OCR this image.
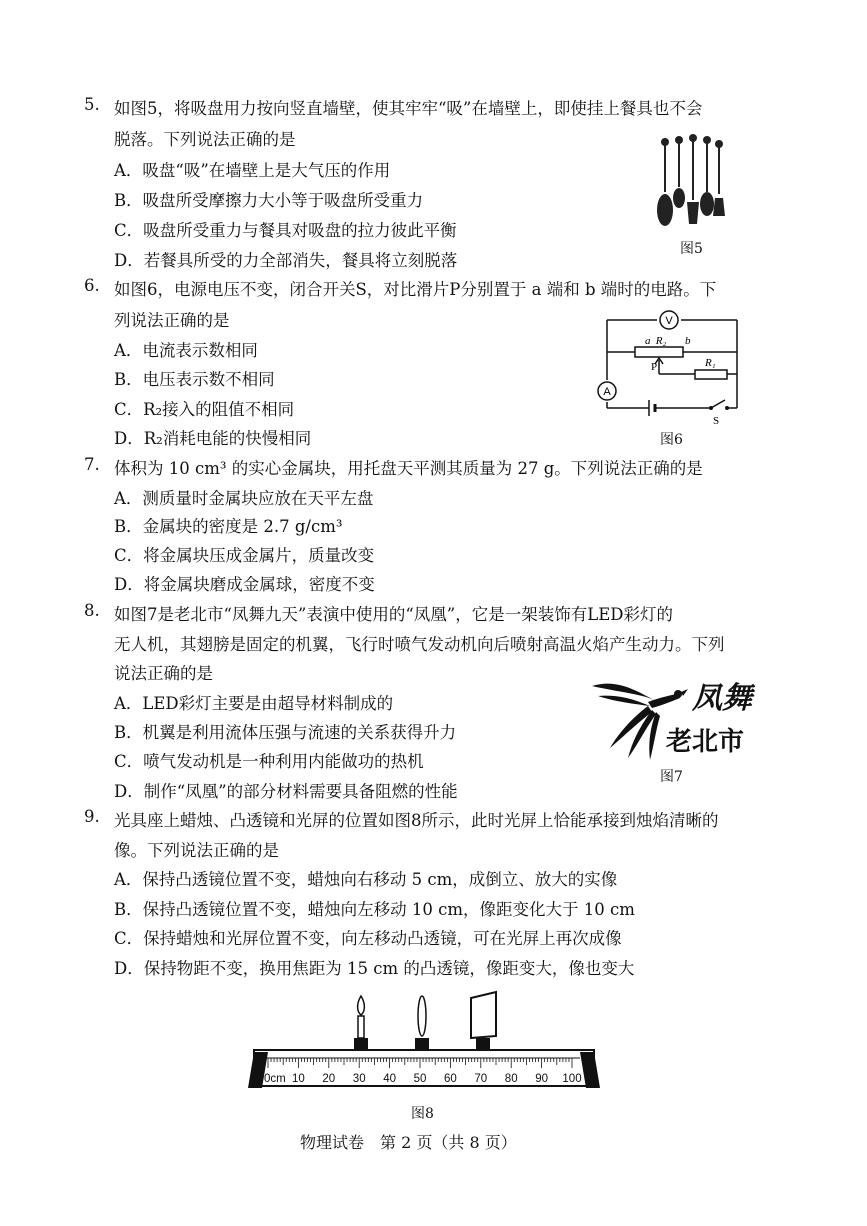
5. 如图5，将吸盘用力按向竖直墙壁，使其牢牢“吸”在墙壁上，即使挂上餐具也不会
脱落。下列说法正确的是
A．吸盘“吸”在墙壁上是大气压的作用
B．吸盘所受摩擦力大小等于吸盘所受重力
C．吸盘所受重力与餐具对吸盘的拉力彼此平衡
D．若餐具所受的力全部消失，餐具将立刻脱落
图5
6. 如图6，电源电压不变，闭合开关S，对比滑片P分别置于 a 端和 b 端时的电路。下
列说法正确的是
A．电流表示数相同
B．电压表示数不相同
C．R₂接入的阻值不相同
D．R₂消耗电能的快慢相同
V
A
R₂
a	b
P	R₁
S
图6
7. 体积为 10 cm³ 的实心金属块，用托盘天平测其质量为 27 g。下列说法正确的是
A．测质量时金属块应放在天平左盘
B．金属块的密度是 2.7 g/cm³
C．将金属块压成金属片，质量改变
D．将金属块磨成金属球，密度不变
8. 如图7是老北市“凤舞九天”表演中使用的“凤凰”，它是一架装饰有LED彩灯的
无人机，其翅膀是固定的机翼，飞行时喷气发动机向后喷射高温火焰产生动力。下列
说法正确的是
A．LED彩灯主要是由超导材料制成的
B．机翼是利用流体压强与流速的关系获得升力
C．喷气发动机是一种利用内能做功的热机
D．制作“凤凰”的部分材料需要具备阻燃的性能
凤舞
老北市
图7
9. 光具座上蜡烛、凸透镜和光屏的位置如图8所示，此时光屏上恰能承接到烛焰清晰的
像。下列说法正确的是
A．保持凸透镜位置不变，蜡烛向右移动 5 cm，成倒立、放大的实像
B．保持凸透镜位置不变，蜡烛向左移动 10 cm，像距变化大于 10 cm
C．保持蜡烛和光屏位置不变，向左移动凸透镜，可在光屏上再次成像
D．保持物距不变，换用焦距为 15 cm 的凸透镜，像距变大，像也变大
0cm 10 20 30 40 50 60 70 80 90 100
图8
物理试卷　第 2 页（共 8 页）
